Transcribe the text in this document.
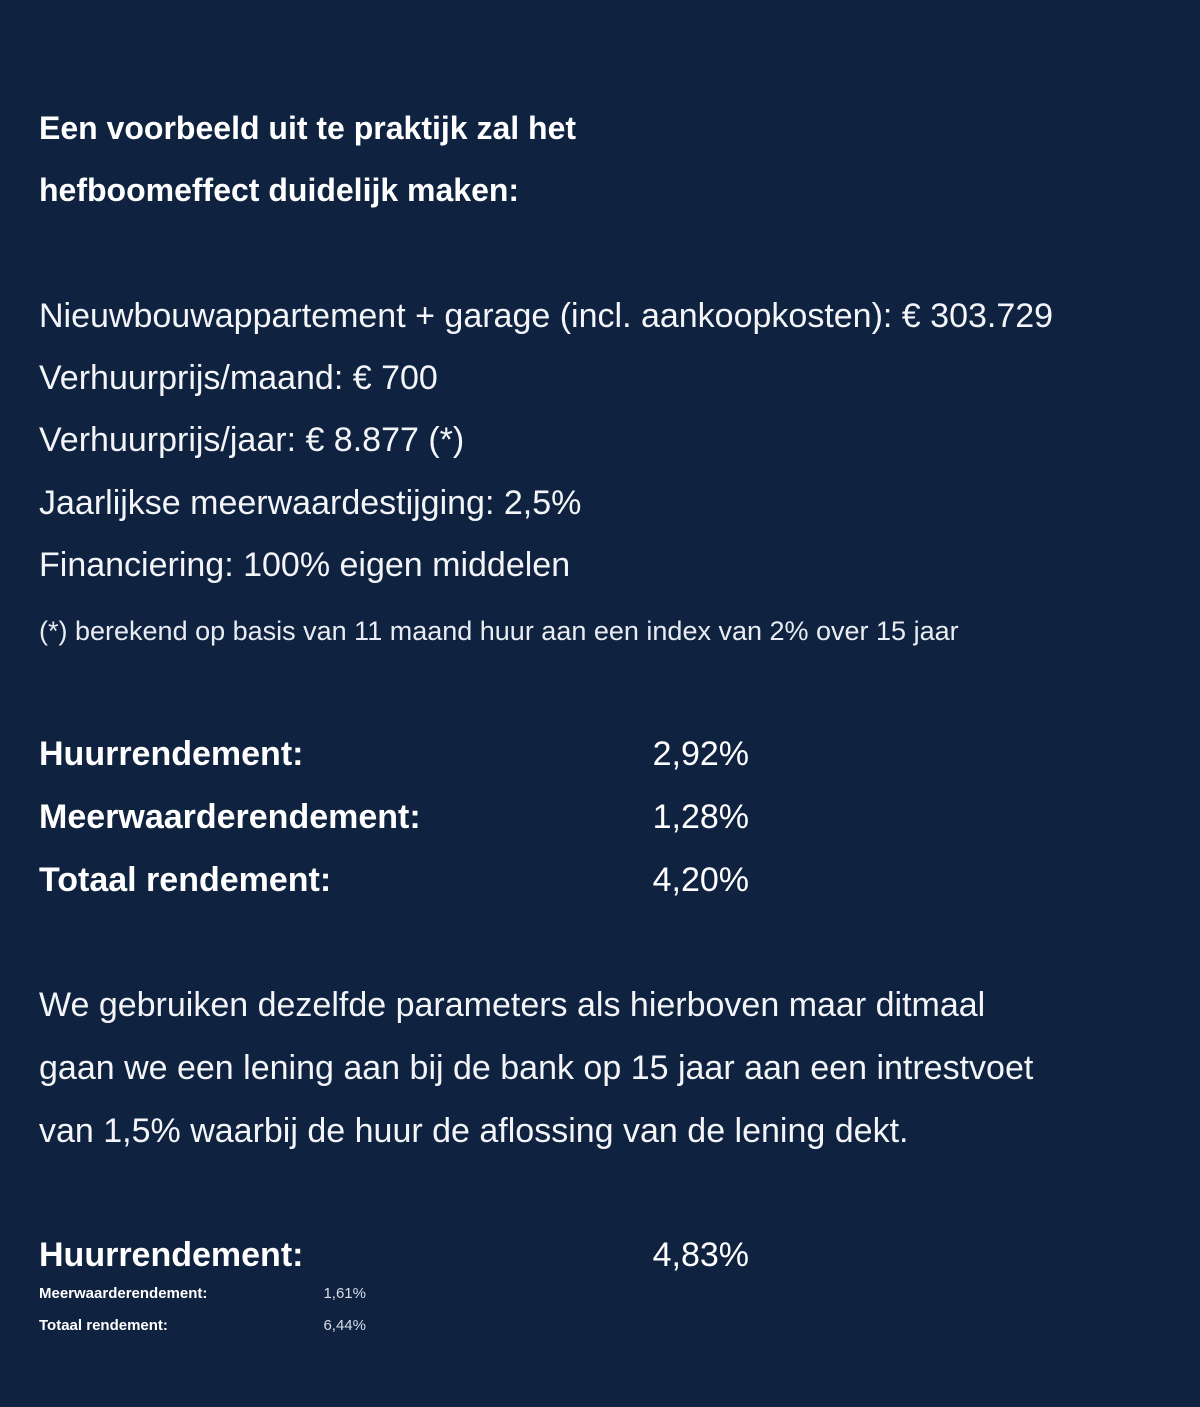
Een voorbeeld uit te praktijk zal het
hefboomeffect duidelijk maken:
Nieuwbouwappartement + garage (incl. aankoopkosten): € 303.729
Verhuurprijs/maand: € 700
Verhuurprijs/jaar: € 8.877 (*)
Jaarlijkse meerwaardestijging: 2,5%
Financiering: 100% eigen middelen
(*) berekend op basis van 11 maand huur aan een index van 2% over 15 jaar
Huurrendement:	2,92%
Meerwaarderendement:	1,28%
Totaal rendement:	4,20%
We gebruiken dezelfde parameters als hierboven maar ditmaal
gaan we een lening aan bij de bank op 15 jaar aan een intrestvoet
van 1,5% waarbij de huur de aflossing van de lening dekt.
Huurrendement:	4,83%
Meerwaarderendement:	1,61%
Totaal rendement:	6,44%
